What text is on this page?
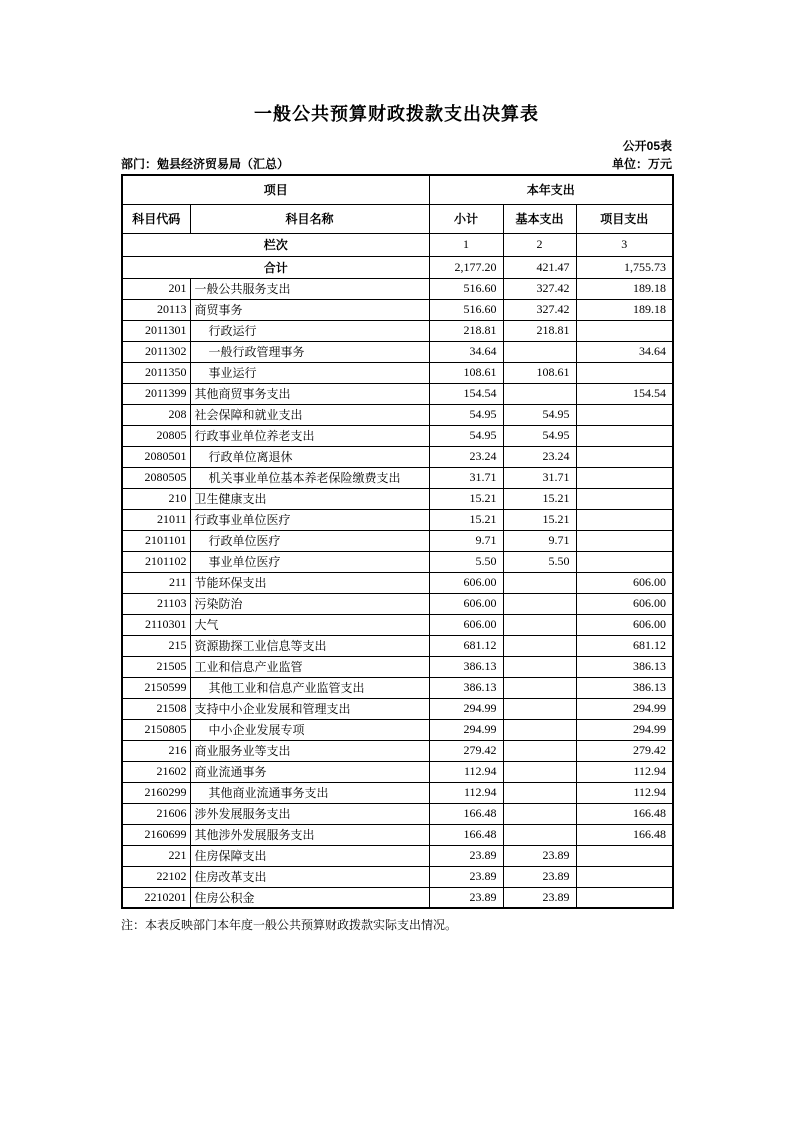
一般公共预算财政拨款支出决算表
公开05表
部门：勉县经济贸易局（汇总）	单位：万元
项目		本年支出		
科目代码	科目名称	小计	基本支出	项目支出
栏次		1	2	3
合计		2,177.20	421.47	1,755.73
201	一般公共服务支出	516.60	327.42	189.18
20113	商贸事务	516.60	327.42	189.18
2011301	行政运行	218.81	218.81	
2011302	一般行政管理事务	34.64		34.64
2011350	事业运行	108.61	108.61	
2011399	其他商贸事务支出	154.54		154.54
208	社会保障和就业支出	54.95	54.95	
20805	行政事业单位养老支出	54.95	54.95	
2080501	行政单位离退休	23.24	23.24	
2080505	机关事业单位基本养老保险缴费支出	31.71	31.71	
210	卫生健康支出	15.21	15.21	
21011	行政事业单位医疗	15.21	15.21	
2101101	行政单位医疗	9.71	9.71	
2101102	事业单位医疗	5.50	5.50	
211	节能环保支出	606.00		606.00
21103	污染防治	606.00		606.00
2110301	大气	606.00		606.00
215	资源勘探工业信息等支出	681.12		681.12
21505	工业和信息产业监管	386.13		386.13
2150599	其他工业和信息产业监管支出	386.13		386.13
21508	支持中小企业发展和管理支出	294.99		294.99
2150805	中小企业发展专项	294.99		294.99
216	商业服务业等支出	279.42		279.42
21602	商业流通事务	112.94		112.94
2160299	其他商业流通事务支出	112.94		112.94
21606	涉外发展服务支出	166.48		166.48
2160699	其他涉外发展服务支出	166.48		166.48
221	住房保障支出	23.89	23.89	
22102	住房改革支出	23.89	23.89	
2210201	住房公积金	23.89	23.89	
注：本表反映部门本年度一般公共预算财政拨款实际支出情况。
